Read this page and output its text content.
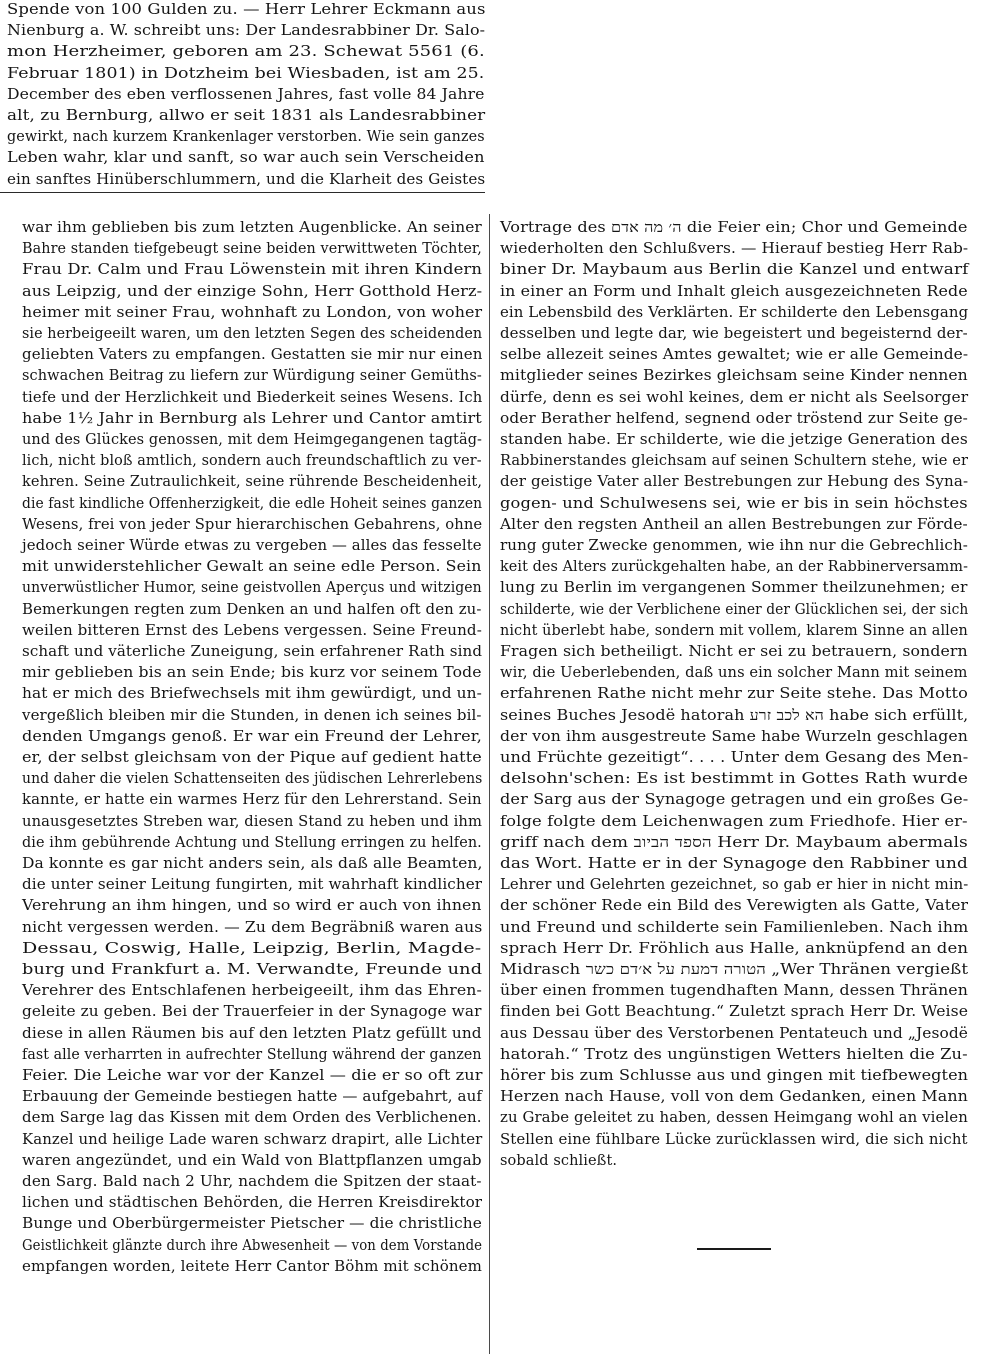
Spende von 100 Gulden zu. — Herr Lehrer Eckmann aus
Nienburg a. W. schreibt uns: Der Landesrabbiner Dr. Salo-
mon Herzheimer, geboren am 23. Schewat 5561 (6.
Februar 1801) in Dotzheim bei Wiesbaden, ist am 25.
December des eben verflossenen Jahres, fast volle 84 Jahre
alt, zu Bernburg, allwo er seit 1831 als Landesrabbiner
gewirkt, nach kurzem Krankenlager verstorben. Wie sein ganzes
Leben wahr, klar und sanft, so war auch sein Verscheiden
ein sanftes Hinüberschlummern, und die Klarheit des Geistes
war ihm geblieben bis zum letzten Augenblicke. An seiner
Bahre standen tiefgebeugt seine beiden verwittweten Töchter,
Frau Dr. Calm und Frau Löwenstein mit ihren Kindern
aus Leipzig, und der einzige Sohn, Herr Gotthold Herz-
heimer mit seiner Frau, wohnhaft zu London, von woher
sie herbeigeeilt waren, um den letzten Segen des scheidenden
geliebten Vaters zu empfangen. Gestatten sie mir nur einen
schwachen Beitrag zu liefern zur Würdigung seiner Gemüths-
tiefe und der Herzlichkeit und Biederkeit seines Wesens. Ich
habe 1½ Jahr in Bernburg als Lehrer und Cantor amtirt
und des Glückes genossen, mit dem Heimgegangenen tagtäg-
lich, nicht bloß amtlich, sondern auch freundschaftlich zu ver-
kehren. Seine Zutraulichkeit, seine rührende Bescheidenheit,
die fast kindliche Offenherzigkeit, die edle Hoheit seines ganzen
Wesens, frei von jeder Spur hierarchischen Gebahrens, ohne
jedoch seiner Würde etwas zu vergeben — alles das fesselte
mit unwiderstehlicher Gewalt an seine edle Person. Sein
unverwüstlicher Humor, seine geistvollen Aperçus und witzigen
Bemerkungen regten zum Denken an und halfen oft den zu-
weilen bitteren Ernst des Lebens vergessen. Seine Freund-
schaft und väterliche Zuneigung, sein erfahrener Rath sind
mir geblieben bis an sein Ende; bis kurz vor seinem Tode
hat er mich des Briefwechsels mit ihm gewürdigt, und un-
vergeßlich bleiben mir die Stunden, in denen ich seines bil-
denden Umgangs genoß. Er war ein Freund der Lehrer,
er, der selbst gleichsam von der Pique auf gedient hatte
und daher die vielen Schattenseiten des jüdischen Lehrerlebens
kannte, er hatte ein warmes Herz für den Lehrerstand. Sein
unausgesetztes Streben war, diesen Stand zu heben und ihm
die ihm gebührende Achtung und Stellung erringen zu helfen.
Da konnte es gar nicht anders sein, als daß alle Beamten,
die unter seiner Leitung fungirten, mit wahrhaft kindlicher
Verehrung an ihm hingen, und so wird er auch von ihnen
nicht vergessen werden. — Zu dem Begräbniß waren aus
Dessau, Coswig, Halle, Leipzig, Berlin, Magde-
burg und Frankfurt a. M. Verwandte, Freunde und
Verehrer des Entschlafenen herbeigeeilt, ihm das Ehren-
geleite zu geben. Bei der Trauerfeier in der Synagoge war
diese in allen Räumen bis auf den letzten Platz gefüllt und
fast alle verharrten in aufrechter Stellung während der ganzen
Feier. Die Leiche war vor der Kanzel — die er so oft zur
Erbauung der Gemeinde bestiegen hatte — aufgebahrt, auf
dem Sarge lag das Kissen mit dem Orden des Verblichenen.
Kanzel und heilige Lade waren schwarz drapirt, alle Lichter
waren angezündet, und ein Wald von Blattpflanzen umgab
den Sarg. Bald nach 2 Uhr, nachdem die Spitzen der staat-
lichen und städtischen Behörden, die Herren Kreisdirektor
Bunge und Oberbürgermeister Pietscher — die christliche
Geistlichkeit glänzte durch ihre Abwesenheit — von dem Vorstande
empfangen worden, leitete Herr Cantor Böhm mit schönem
Vortrage des ה׳ מה אדם die Feier ein; Chor und Gemeinde
wiederholten den Schlußvers. — Hierauf bestieg Herr Rab-
biner Dr. Maybaum aus Berlin die Kanzel und entwarf
in einer an Form und Inhalt gleich ausgezeichneten Rede
ein Lebensbild des Verklärten. Er schilderte den Lebensgang
desselben und legte dar, wie begeistert und begeisternd der-
selbe allezeit seines Amtes gewaltet; wie er alle Gemeinde-
mitglieder seines Bezirkes gleichsam seine Kinder nennen
dürfe, denn es sei wohl keines, dem er nicht als Seelsorger
oder Berather helfend, segnend oder tröstend zur Seite ge-
standen habe. Er schilderte, wie die jetzige Generation des
Rabbinerstandes gleichsam auf seinen Schultern stehe, wie er
der geistige Vater aller Bestrebungen zur Hebung des Syna-
gogen- und Schulwesens sei, wie er bis in sein höchstes
Alter den regsten Antheil an allen Bestrebungen zur Förde-
rung guter Zwecke genommen, wie ihn nur die Gebrechlich-
keit des Alters zurückgehalten habe, an der Rabbinerversamm-
lung zu Berlin im vergangenen Sommer theilzunehmen; er
schilderte, wie der Verblichene einer der Glücklichen sei, der sich
nicht überlebt habe, sondern mit vollem, klarem Sinne an allen
Fragen sich betheiligt. Nicht er sei zu betrauern, sondern
wir, die Ueberlebenden, daß uns ein solcher Mann mit seinem
erfahrenen Rathe nicht mehr zur Seite stehe. Das Motto
seines Buches Jesodë hatorah הא לכב זרע habe sich erfüllt,
der von ihm ausgestreute Same habe Wurzeln geschlagen
und Früchte gezeitigt“. . . . Unter dem Gesang des Men-
delsohn'schen: Es ist bestimmt in Gottes Rath wurde
der Sarg aus der Synagoge getragen und ein großes Ge-
folge folgte dem Leichenwagen zum Friedhofe. Hier er-
griff nach dem הספד הביוב Herr Dr. Maybaum abermals
das Wort. Hatte er in der Synagoge den Rabbiner und
Lehrer und Gelehrten gezeichnet, so gab er hier in nicht min-
der schöner Rede ein Bild des Verewigten als Gatte, Vater
und Freund und schilderte sein Familienleben. Nach ihm
sprach Herr Dr. Fröhlich aus Halle, anknüpfend an den
Midrasch הטורה דמעת על א׳דם כשר „Wer Thränen vergießt
über einen frommen tugendhaften Mann, dessen Thränen
finden bei Gott Beachtung.“ Zuletzt sprach Herr Dr. Weise
aus Dessau über des Verstorbenen Pentateuch und „Jesodë
hatorah.“ Trotz des ungünstigen Wetters hielten die Zu-
hörer bis zum Schlusse aus und gingen mit tiefbewegten
Herzen nach Hause, voll von dem Gedanken, einen Mann
zu Grabe geleitet zu haben, dessen Heimgang wohl an vielen
Stellen eine fühlbare Lücke zurücklassen wird, die sich nicht
sobald schließt.
